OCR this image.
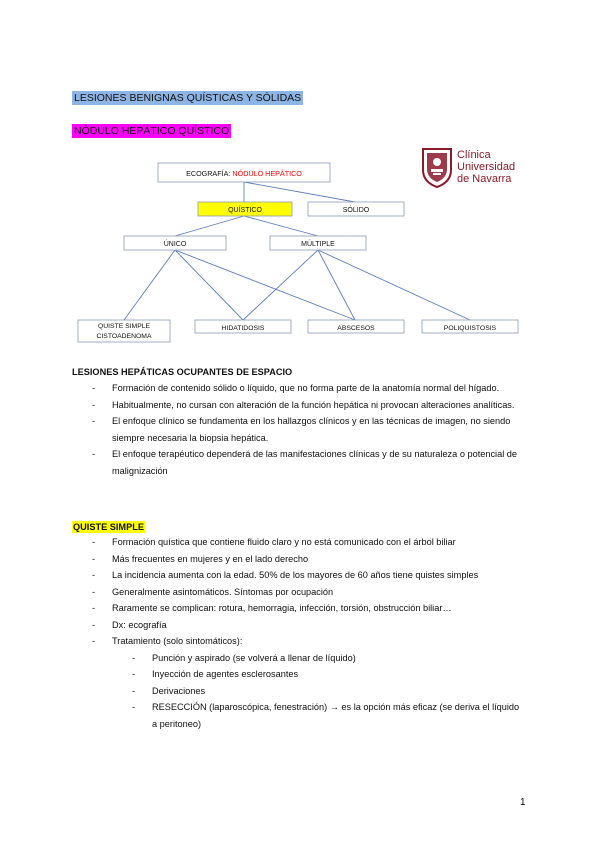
LESIONES BENIGNAS QUÍSTICAS Y SÓLIDAS
NÓDULO HEPÁTICO QUÍSTICO
Clínica
Universidad
de Navarra
ECOGRAFÍA: NÓDULO HEPÁTICO
QUÍSTICO	SÓLIDO
ÚNICO	MÚLTIPLE
QUISTE SIMPLE
CISTOADENOMA
HIDATIDOSIS	ABSCESOS	POLIQUISTOSIS
LESIONES HEPÁTICAS OCUPANTES DE ESPACIO
- Formación de contenido sólido o líquido, que no forma parte de la anatomía normal del hígado.
- Habitualmente, no cursan con alteración de la función hepática ni provocan alteraciones analíticas.
- El enfoque clínico se fundamenta en los hallazgos clínicos y en las técnicas de imagen, no siendo siempre necesaria la biopsia hepática.
- El enfoque terapéutico dependerá de las manifestaciones clínicas y de su naturaleza o potencial de malignización
QUISTE SIMPLE
- Formación quística que contiene fluido claro y no está comunicado con el árbol biliar
- Más frecuentes en mujeres y en el lado derecho
- La incidencia aumenta con la edad. 50% de los mayores de 60 años tiene quistes simples
- Generalmente asintomáticos. Síntomas por ocupación
- Raramente se complican: rotura, hemorragia, infección, torsión, obstrucción biliar…
- Dx: ecografía
- Tratamiento (solo sintomáticos):
- Punción y aspirado (se volverá a llenar de líquido)
- Inyección de agentes esclerosantes
- Derivaciones
- RESECCIÓN (laparoscópica, fenestración) → es la opción más eficaz (se deriva el líquido a peritoneo)
1
